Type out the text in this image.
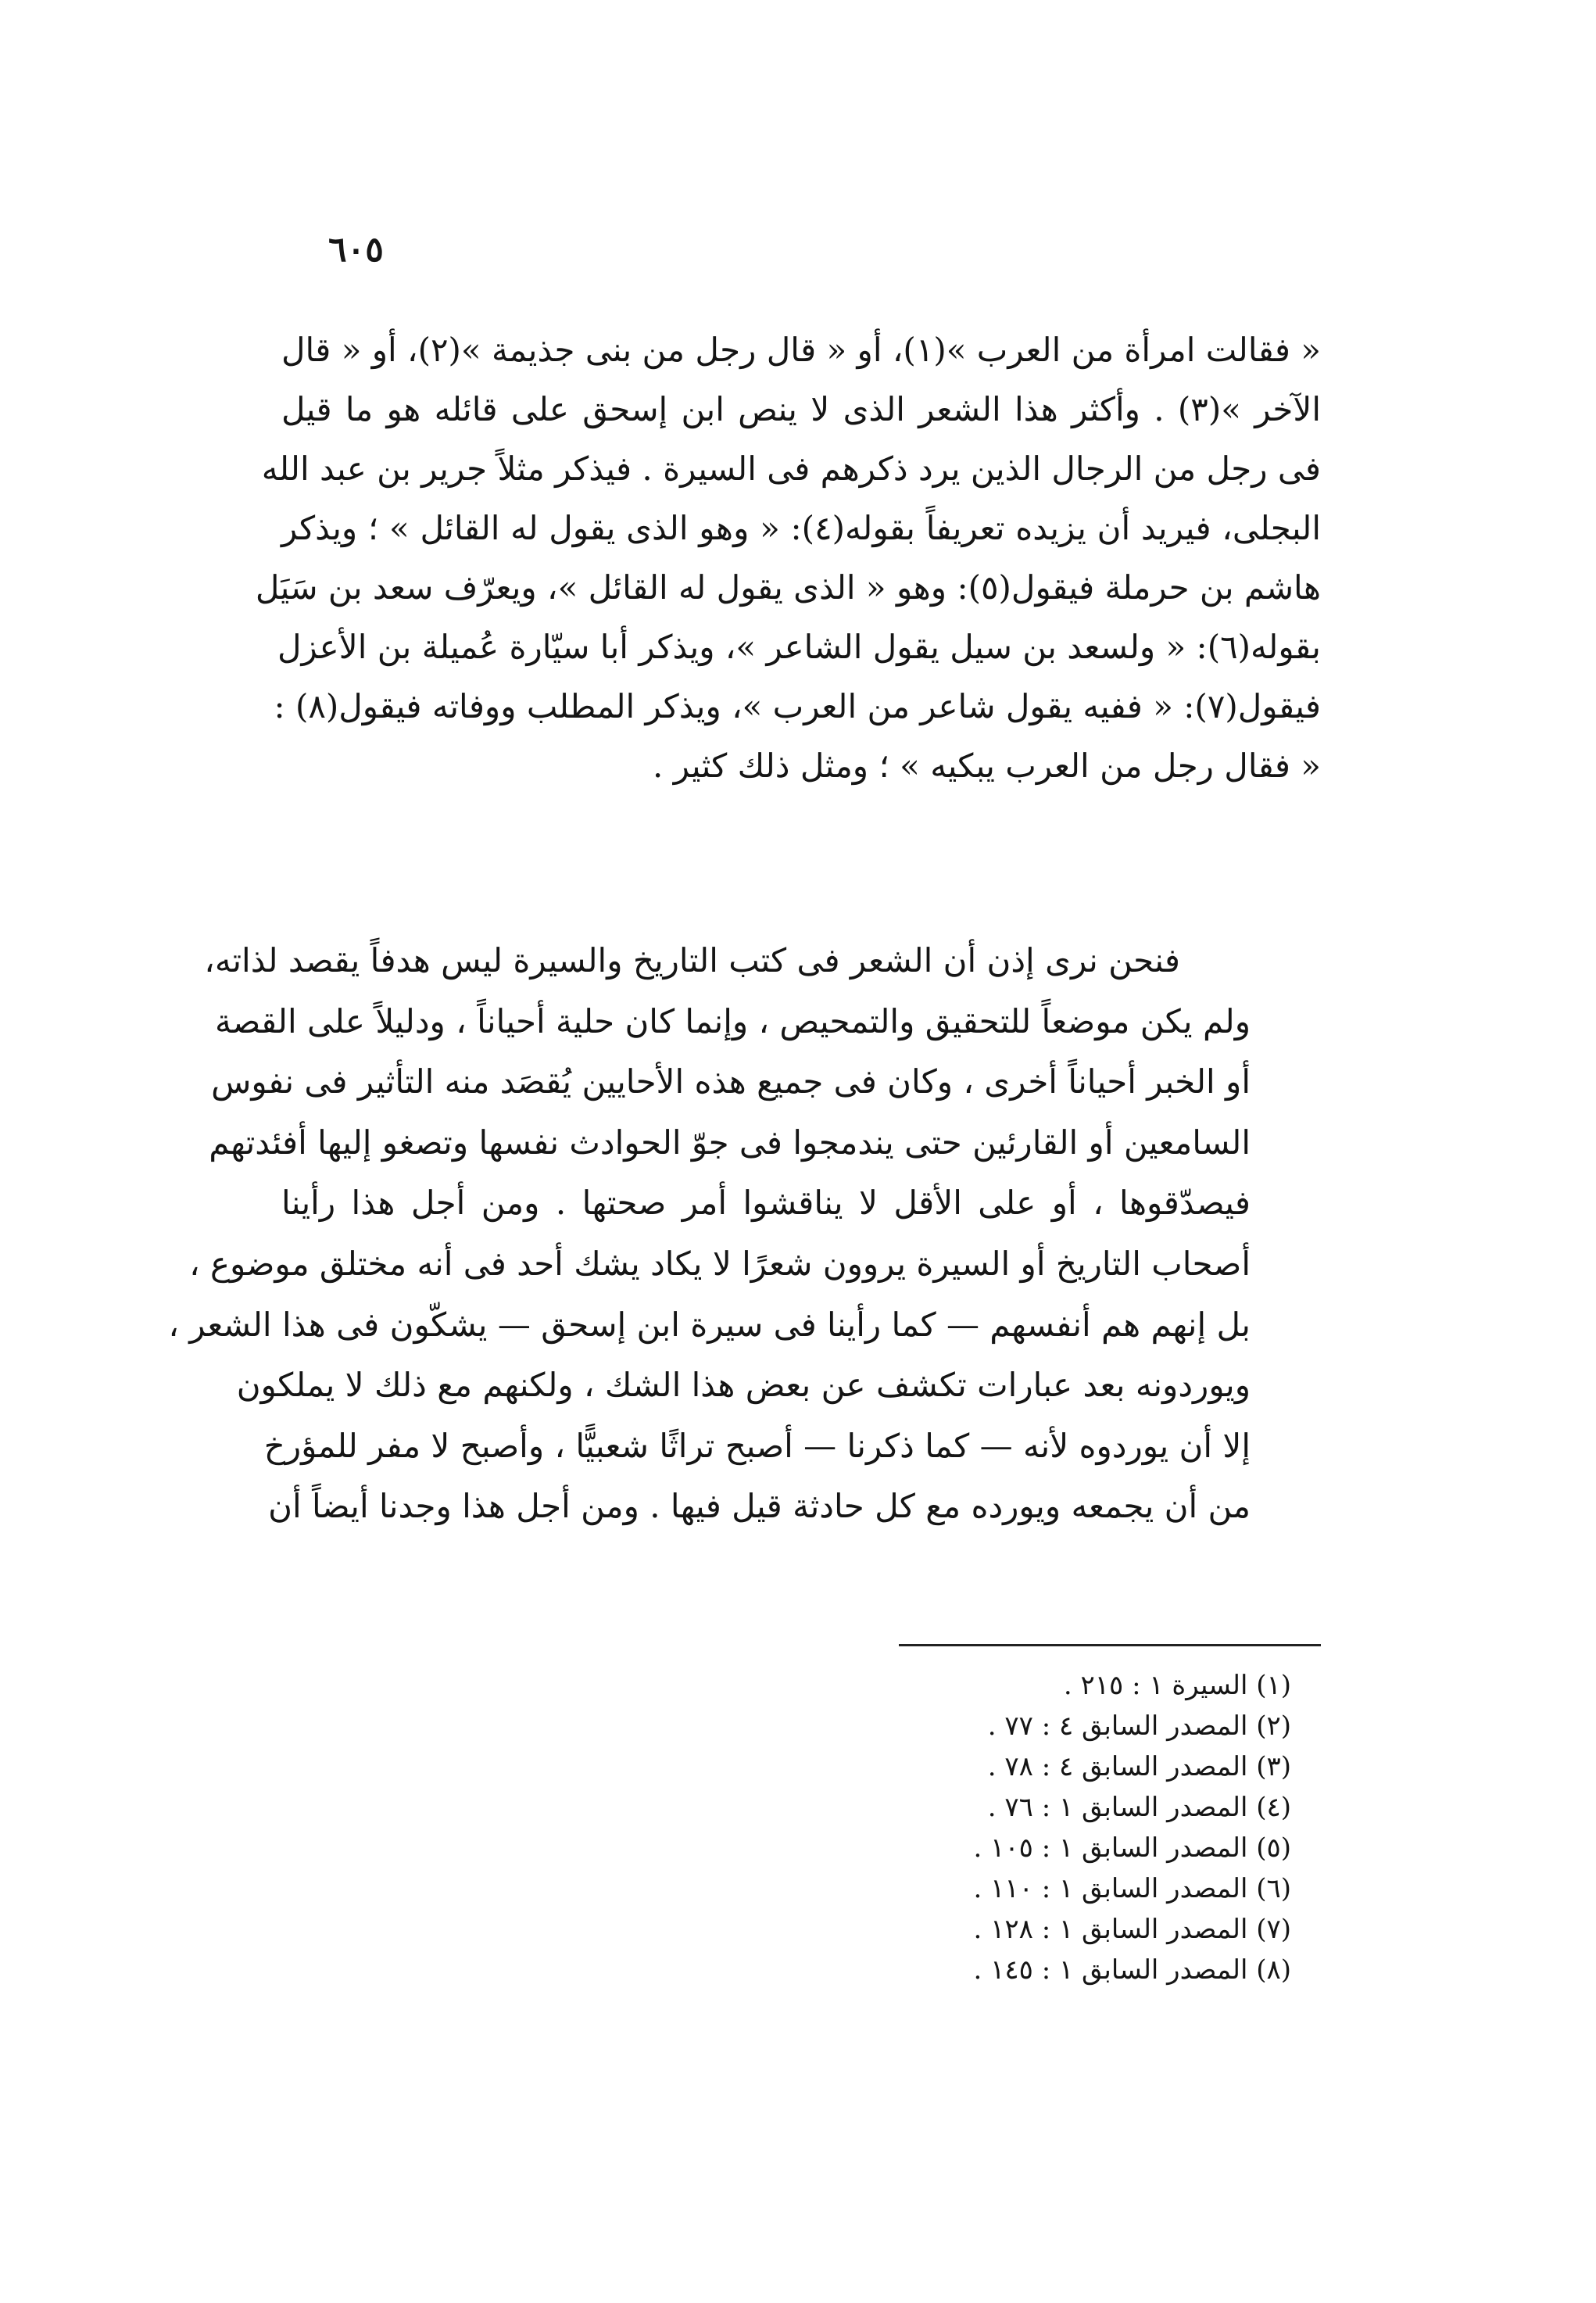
٦٠٥
« فقالت امرأة من العرب »(١)، أو « قال رجل من بنى جذيمة »(٢)، أو « قال
الآخر »(٣) . وأكثر هذا الشعر الذى لا ينص ابن إسحق على قائله هو ما قيل
فى رجل من الرجال الذين يرد ذكرهم فى السيرة . فيذكر مثلاً جرير بن عبد الله
البجلى، فيريد أن يزيده تعريفاً بقوله(٤): « وهو الذى يقول له القائل » ؛ ويذكر
هاشم بن حرملة فيقول(٥): وهو « الذى يقول له القائل »، ويعرّف سعد بن سَيَل
بقوله(٦): « ولسعد بن سيل يقول الشاعر »، ويذكر أبا سيّارة عُميلة بن الأعزل
فيقول(٧): « ففيه يقول شاعر من العرب »، ويذكر المطلب ووفاته فيقول(٨) :
« فقال رجل من العرب يبكيه » ؛ ومثل ذلك كثير .
فنحن نرى إذن أن الشعر فى كتب التاريخ والسيرة ليس هدفاً يقصد لذاته،
ولم يكن موضعاً للتحقيق والتمحيص ، وإنما كان حلية أحياناً ، ودليلاً على القصة
أو الخبر أحياناً أخرى ، وكان فى جميع هذه الأحايين يُقصَد منه التأثير فى نفوس
السامعين أو القارئين حتى يندمجوا فى جوّ الحوادث نفسها وتصغو إليها أفئدتهم
فيصدّقوها ، أو على الأقل لا يناقشوا أمر صحتها . ومن أجل هذا رأينا
أصحاب التاريخ أو السيرة يروون شعرًا لا يكاد يشك أحد فى أنه مختلق موضوع ،
بل إنهم هم أنفسهم — كما رأينا فى سيرة ابن إسحق — يشكّون فى هذا الشعر ،
ويوردونه بعد عبارات تكشف عن بعض هذا الشك ، ولكنهم مع ذلك لا يملكون
إلا أن يوردوه لأنه — كما ذكرنا — أصبح تراثًا شعبيًّا ، وأصبح لا مفر للمؤرخ
من أن يجمعه ويورده مع كل حادثة قيل فيها . ومن أجل هذا وجدنا أيضاً أن
(١) السيرة ١ : ٢١٥ .
(٢) المصدر السابق ٤ : ٧٧ .
(٣) المصدر السابق ٤ : ٧٨ .
(٤) المصدر السابق ١ : ٧٦ .
(٥) المصدر السابق ١ : ١٠٥ .
(٦) المصدر السابق ١ : ١١٠ .
(٧) المصدر السابق ١ : ١٢٨ .
(٨) المصدر السابق ١ : ١٤٥ .
